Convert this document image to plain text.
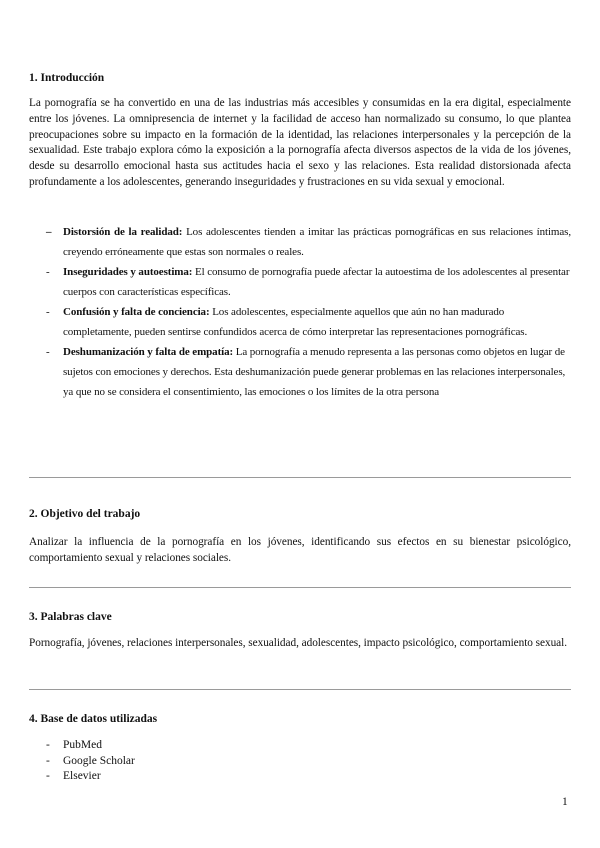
1. Introducción

La pornografía se ha convertido en una de las industrias más accesibles y consumidas en la era digital, especialmente entre los jóvenes. La omnipresencia de internet y la facilidad de acceso han normalizado su consumo, lo que plantea preocupaciones sobre su impacto en la formación de la identidad, las relaciones interpersonales y la percepción de la sexualidad. Este trabajo explora cómo la exposición a la pornografía afecta diversos aspectos de la vida de los jóvenes, desde su desarrollo emocional hasta sus actitudes hacia el sexo y las relaciones. Esta realidad distorsionada afecta profundamente a los adolescentes, generando inseguridades y frustraciones en su vida sexual y emocional.

– Distorsión de la realidad: Los adolescentes tienden a imitar las prácticas pornográficas en sus relaciones íntimas, creyendo erróneamente que estas son normales o reales.
- Inseguridades y autoestima: El consumo de pornografía puede afectar la autoestima de los adolescentes al presentar cuerpos con características específicas.
- Confusión y falta de conciencia: Los adolescentes, especialmente aquellos que aún no han madurado completamente, pueden sentirse confundidos acerca de cómo interpretar las representaciones pornográficas.
- Deshumanización y falta de empatía: La pornografía a menudo representa a las personas como objetos en lugar de sujetos con emociones y derechos. Esta deshumanización puede generar problemas en las relaciones interpersonales, ya que no se considera el consentimiento, las emociones o los límites de la otra persona
2. Objetivo del trabajo

Analizar la influencia de la pornografía en los jóvenes, identificando sus efectos en su bienestar psicológico, comportamiento sexual y relaciones sociales.

3. Palabras clave

Pornografía, jóvenes, relaciones interpersonales, sexualidad, adolescentes, impacto psicológico, comportamiento sexual.

4. Base de datos utilizadas
- PubMed
- Google Scholar
- Elsevier
1
